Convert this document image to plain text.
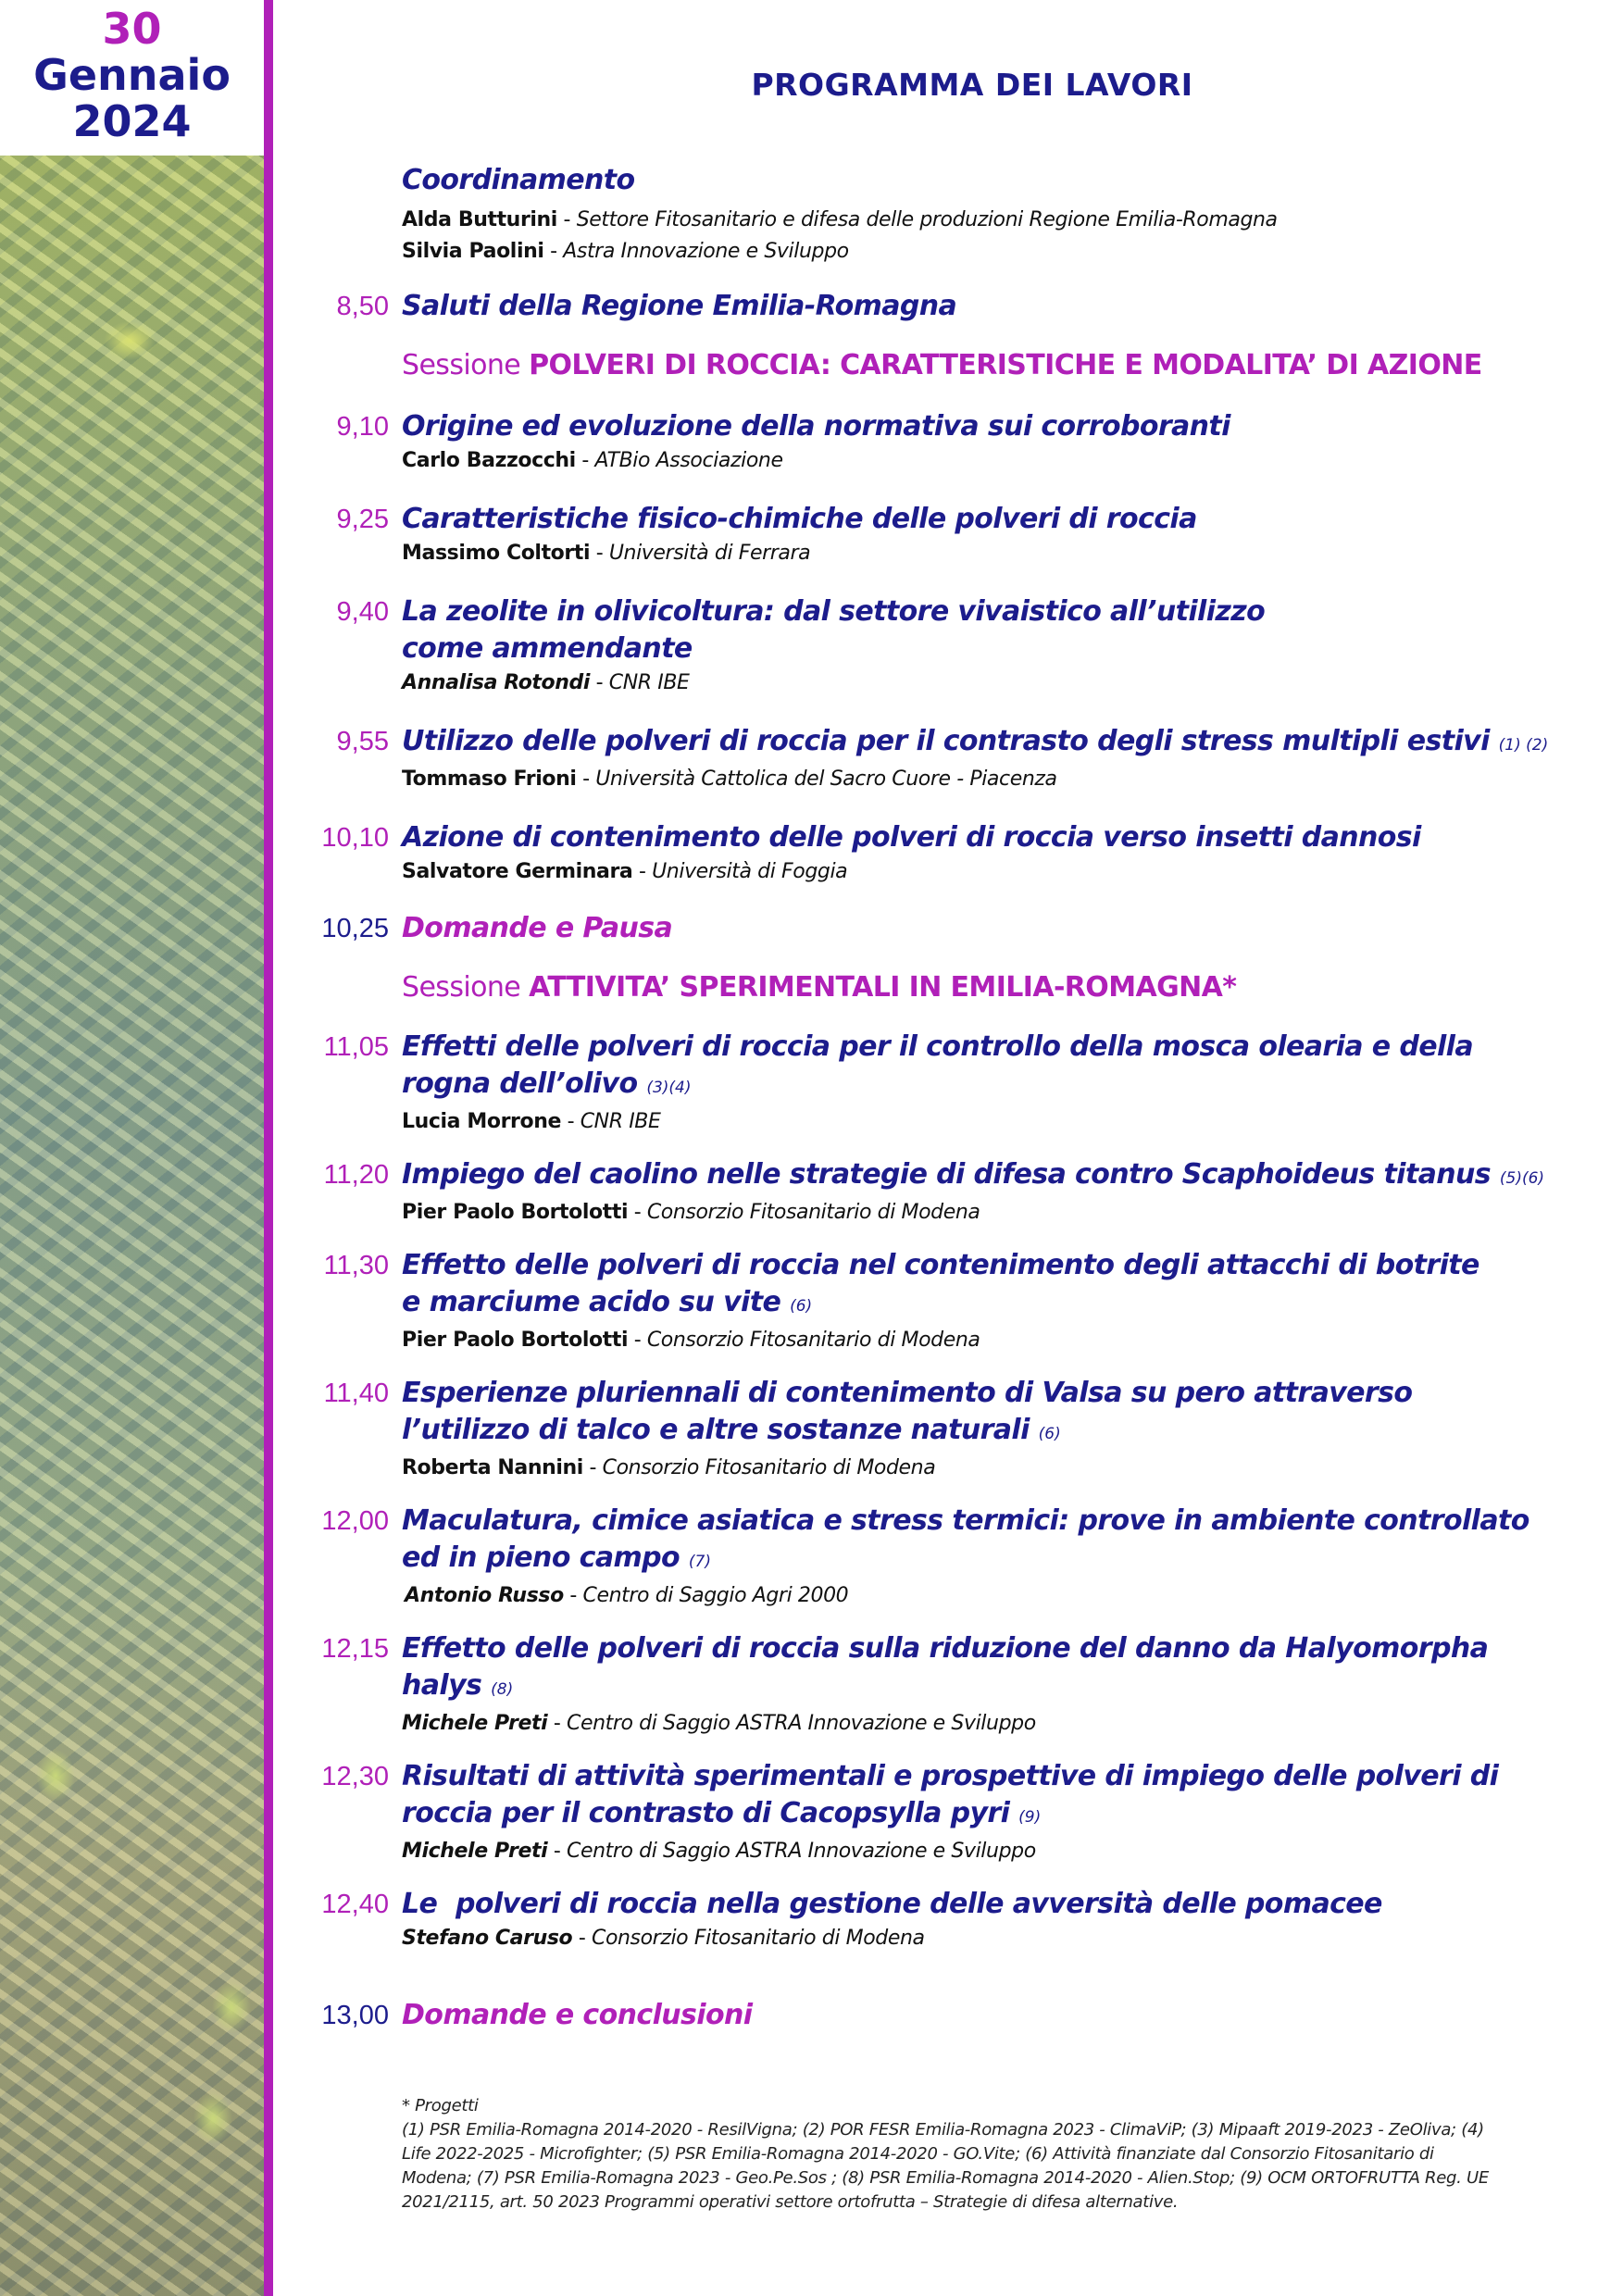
30
Gennaio
2024
PROGRAMMA DEI LAVORI
Coordinamento
Alda Butturini - Settore Fitosanitario e difesa delle produzioni Regione Emilia-Romagna
Silvia Paolini - Astra Innovazione e Sviluppo
8,50 Saluti della Regione Emilia-Romagna
Sessione POLVERI DI ROCCIA: CARATTERISTICHE E MODALITA’ DI AZIONE
9,10 Origine ed evoluzione della normativa sui corroboranti
Carlo Bazzocchi - ATBio Associazione
9,25 Caratteristiche fisico-chimiche delle polveri di roccia
Massimo Coltorti - Università di Ferrara
9,40 La zeolite in olivicoltura: dal settore vivaistico all’utilizzo come ammendante
Annalisa Rotondi - CNR IBE
9,55 Utilizzo delle polveri di roccia per il contrasto degli stress multipli estivi (1) (2)
Tommaso Frioni - Università Cattolica del Sacro Cuore - Piacenza
10,10 Azione di contenimento delle polveri di roccia verso insetti dannosi
Salvatore Germinara - Università di Foggia
10,25 Domande e Pausa
Sessione ATTIVITA’ SPERIMENTALI IN EMILIA-ROMAGNA*
11,05 Effetti delle polveri di roccia per il controllo della mosca olearia e della rogna dell’olivo (3)(4)
Lucia Morrone - CNR IBE
11,20 Impiego del caolino nelle strategie di difesa contro Scaphoideus titanus (5)(6)
Pier Paolo Bortolotti - Consorzio Fitosanitario di Modena
11,30 Effetto delle polveri di roccia nel contenimento degli attacchi di botrite e marciume acido su vite (6)
Pier Paolo Bortolotti - Consorzio Fitosanitario di Modena
11,40 Esperienze pluriennali di contenimento di Valsa su pero attraverso l’utilizzo di talco e altre sostanze naturali (6)
Roberta Nannini - Consorzio Fitosanitario di Modena
12,00 Maculatura, cimice asiatica e stress termici: prove in ambiente controllato ed in pieno campo (7)
Antonio Russo - Centro di Saggio Agri 2000
12,15 Effetto delle polveri di roccia sulla riduzione del danno da Halyomorpha halys (8)
Michele Preti - Centro di Saggio ASTRA Innovazione e Sviluppo
12,30 Risultati di attività sperimentali e prospettive di impiego delle polveri di roccia per il contrasto di Cacopsylla pyri (9)
Michele Preti - Centro di Saggio ASTRA Innovazione e Sviluppo
12,40 Le  polveri di roccia nella gestione delle avversità delle pomacee
Stefano Caruso - Consorzio Fitosanitario di Modena
13,00 Domande e conclusioni
* Progetti
(1) PSR Emilia-Romagna 2014-2020 - ResilVigna; (2) POR FESR Emilia-Romagna 2023 - ClimaViP; (3) Mipaaft 2019-2023 - ZeOliva; (4) Life 2022-2025 - Microfighter; (5) PSR Emilia-Romagna 2014-2020 - GO.Vite; (6) Attività finanziate dal Consorzio Fitosanitario di Modena; (7) PSR Emilia-Romagna 2023 - Geo.Pe.Sos ; (8) PSR Emilia-Romagna 2014-2020 - Alien.Stop; (9) OCM ORTOFRUTTA Reg. UE 2021/2115, art. 50 2023 Programmi operativi settore ortofrutta – Strategie di difesa alternative.
